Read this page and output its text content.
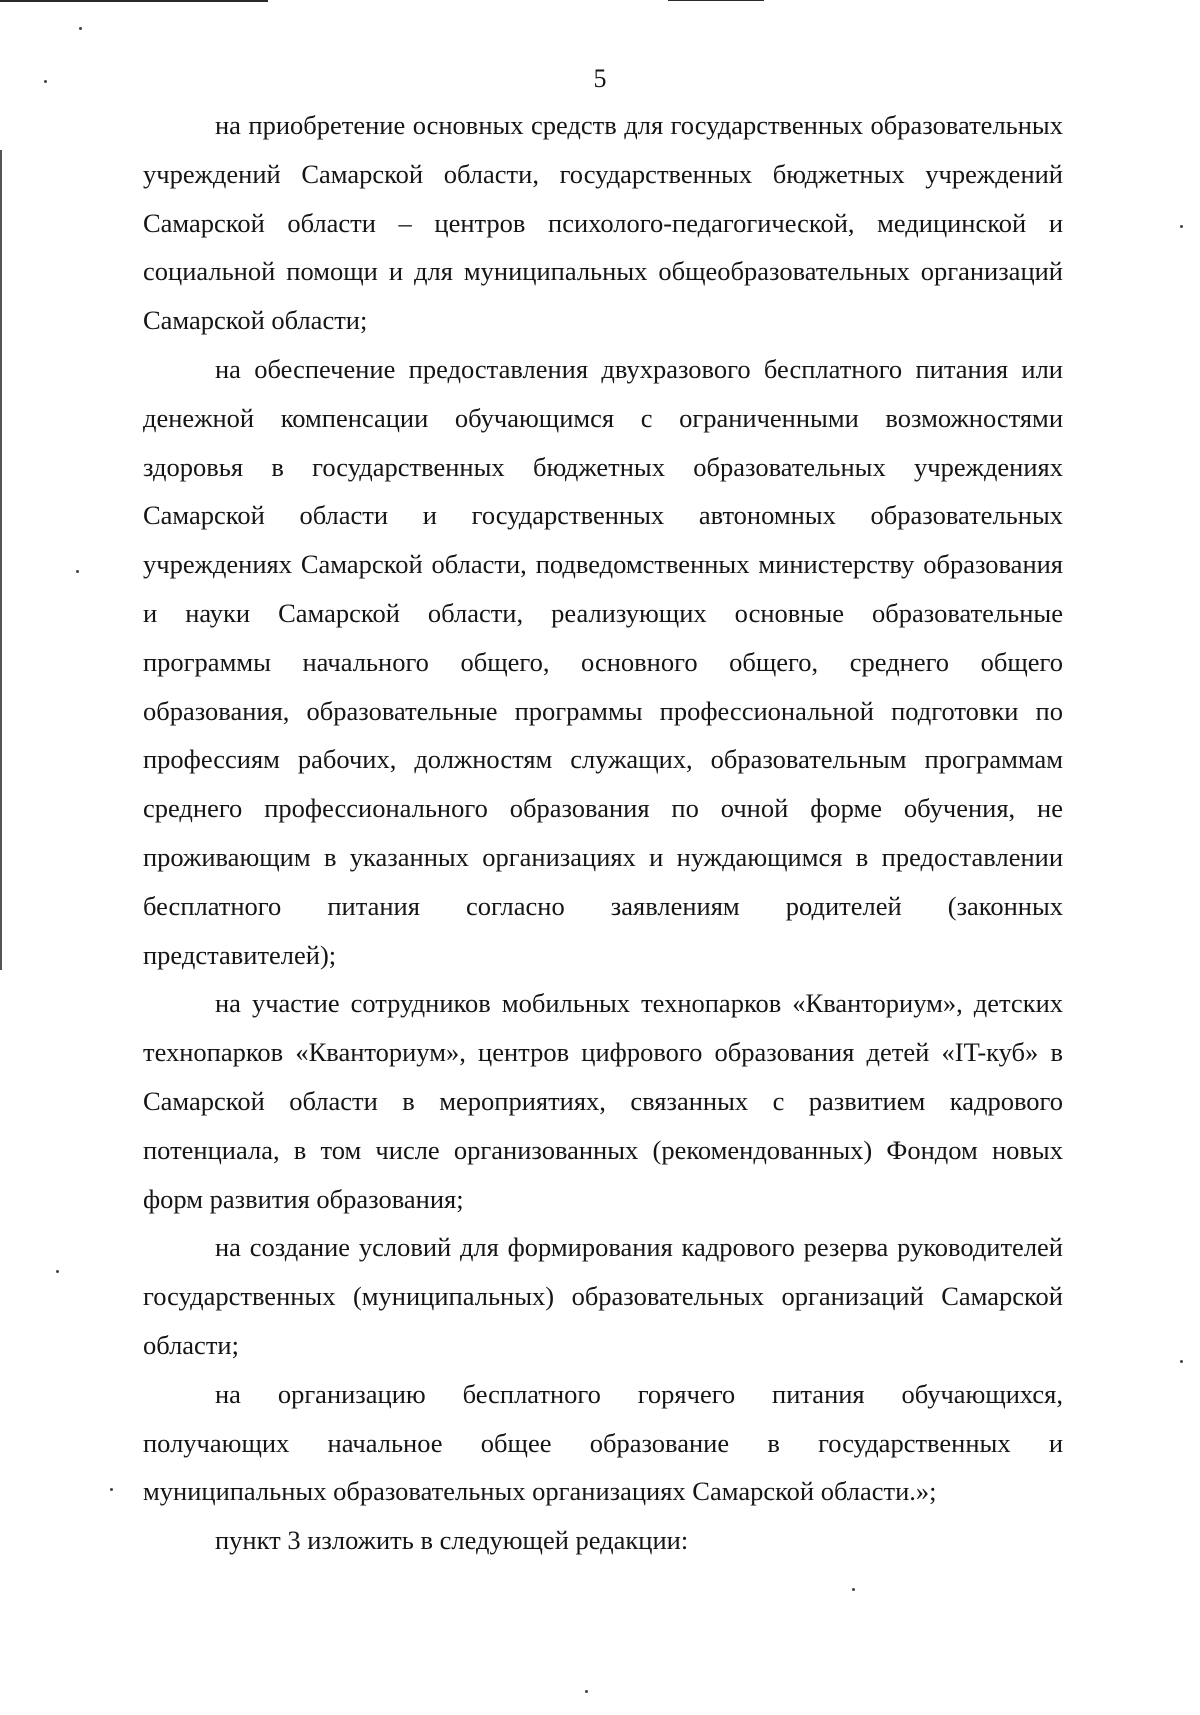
5

на приобретение основных средств для государственных образовательных учреждений Самарской области, государственных бюджетных учреждений Самарской области – центров психолого-педагогической, медицинской и социальной помощи и для муниципальных общеобразовательных организаций Самарской области;

на обеспечение предоставления двухразового бесплатного питания или денежной компенсации обучающимся с ограниченными возможностями здоровья в государственных бюджетных образовательных учреждениях Самарской области и государственных автономных образовательных учреждениях Самарской области, подведомственных министерству образования и науки Самарской области, реализующих основные образовательные программы начального общего, основного общего, среднего общего образования, образовательные программы профессиональной подготовки по профессиям рабочих, должностям служащих, образовательным программам среднего профессионального образования по очной форме обучения, не проживающим в указанных организациях и нуждающимся в предоставлении бесплатного питания согласно заявлениям родителей (законных представителей);

на участие сотрудников мобильных технопарков «Кванториум», детских технопарков «Кванториум», центров цифрового образования детей «IT-куб» в Самарской области в мероприятиях, связанных с развитием кадрового потенциала, в том числе организованных (рекомендованных) Фондом новых форм развития образования;

на создание условий для формирования кадрового резерва руководителей государственных (муниципальных) образовательных организаций Самарской области;

на организацию бесплатного горячего питания обучающихся, получающих начальное общее образование в государственных и муниципальных образовательных организациях Самарской области.»;

пункт 3 изложить в следующей редакции:
